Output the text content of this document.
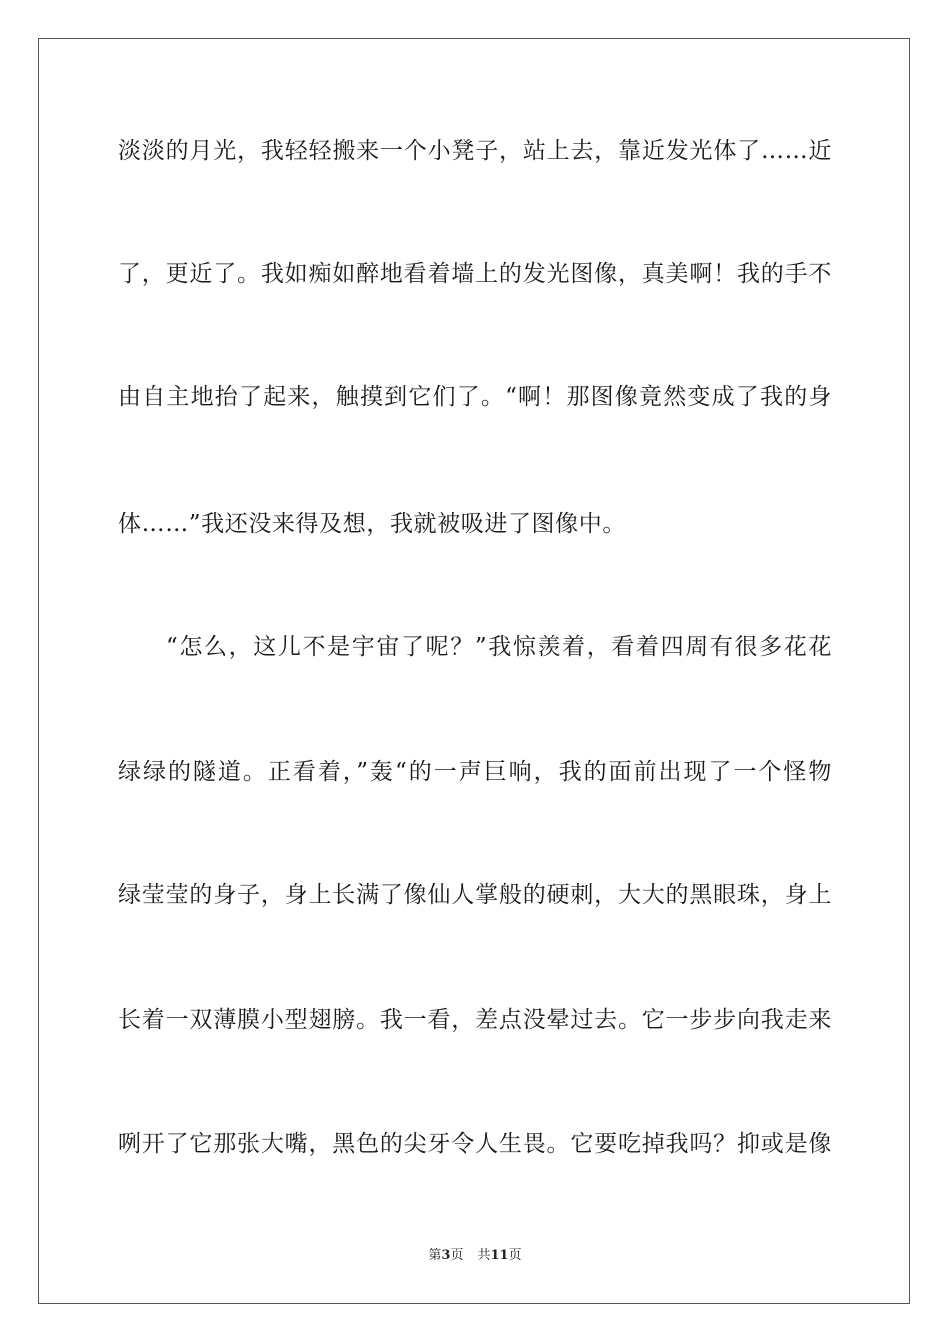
淡淡的月光，我轻轻搬来一个小凳子，站上去，靠近发光体了……近
了，更近了。我如痴如醉地看着墙上的发光图像，真美啊！我的手不
由自主地抬了起来，触摸到它们了。“啊！那图像竟然变成了我的身
体……”我还没来得及想，我就被吸进了图像中。
“怎么，这儿不是宇宙了呢？”我惊羡着，看着四周有很多花花
绿绿的隧道。正看着，”轰“的一声巨响，我的面前出现了一个怪物
绿莹莹的身子，身上长满了像仙人掌般的硬刺，大大的黑眼珠，身上
长着一双薄膜小型翅膀。我一看，差点没晕过去。它一步步向我走来
咧开了它那张大嘴，黑色的尖牙令人生畏。它要吃掉我吗？抑或是像
第3页 共11页
